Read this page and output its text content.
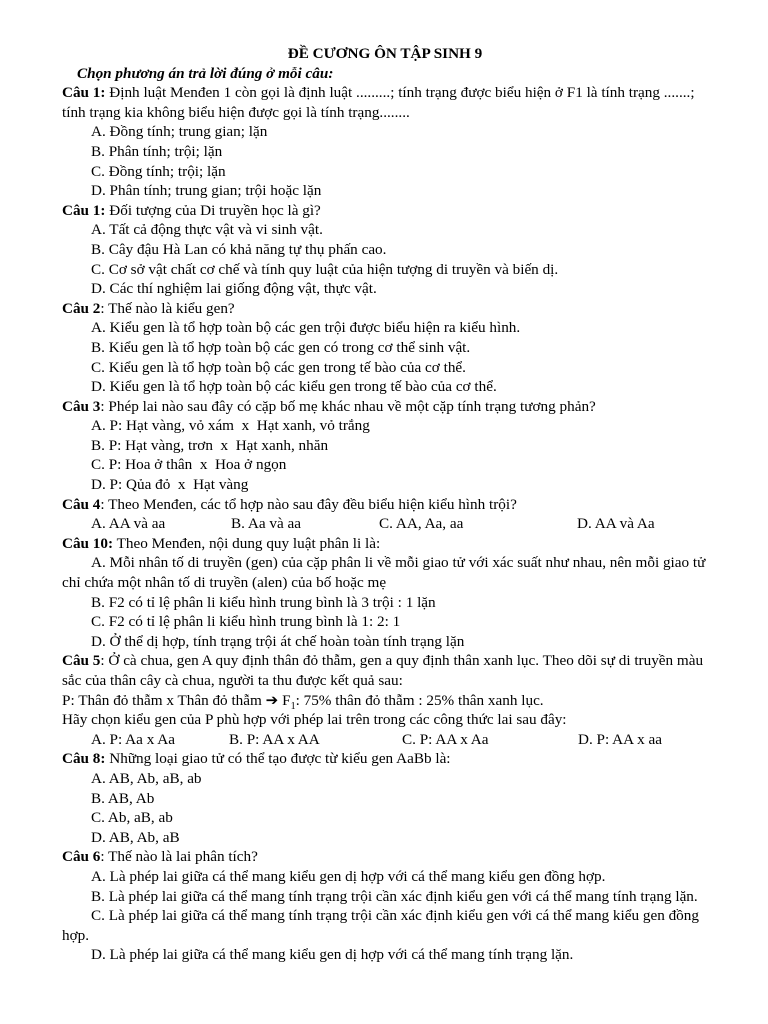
ĐỀ CƯƠNG ÔN TẬP SINH 9

Chọn phương án trả lời đúng ở mỗi câu:

Câu 1: Định luật Menđen 1 còn gọi là định luật .........; tính trạng được biểu hiện ở F1 là tính trạng .......; tính trạng kia không biểu hiện được gọi là tính trạng........

A. Đồng tính; trung gian; lặn

B. Phân tính; trội; lặn

C. Đồng tính; trội; lặn

D. Phân tính; trung gian; trội hoặc lặn

Câu 1: Đối tượng của Di truyền học là gì?

A. Tất cả động thực vật và vi sinh vật.

B. Cây đậu Hà Lan có khả năng tự thụ phấn cao.

C. Cơ sở vật chất cơ chế và tính quy luật của hiện tượng di truyền và biến dị.

D. Các thí nghiệm lai giống động vật, thực vật.

Câu 2: Thế nào là kiểu gen?

A. Kiểu gen là tổ hợp toàn bộ các gen trội được biểu hiện ra kiểu hình.

B. Kiểu gen là tổ hợp toàn bộ các gen có trong cơ thể sinh vật.

C. Kiểu gen là tổ hợp toàn bộ các gen trong tế bào của cơ thể.

D. Kiểu gen là tổ hợp toàn bộ các kiểu gen trong tế bào của cơ thể.

Câu 3: Phép lai nào sau đây có cặp bố mẹ khác nhau về một cặp tính trạng tương phản?

A. P: Hạt vàng, vỏ xám  x  Hạt xanh, vỏ trắng

B. P: Hạt vàng, trơn  x  Hạt xanh, nhăn

C. P: Hoa ở thân  x  Hoa ở ngọn

D. P: Qủa đỏ  x  Hạt vàng

Câu 4: Theo Menđen, các tổ hợp nào sau đây đều biểu hiện kiểu hình trội?

A. AA và aa	B. Aa và aa	C. AA, Aa, aa	D. AA và Aa

Câu 10: Theo Menđen, nội dung quy luật phân li là:

A. Mỗi nhân tố di truyền (gen) của cặp phân li về mỗi giao tử với xác suất như nhau, nên mỗi giao tử chỉ chứa một nhân tố di truyền (alen) của bố hoặc mẹ

B. F2 có tỉ lệ phân li kiểu hình trung bình là 3 trội : 1 lặn

C. F2 có tỉ lệ phân li kiểu hình trung bình là 1: 2: 1

D. Ở thể dị hợp, tính trạng trội át chế hoàn toàn tính trạng lặn

Câu 5: Ở cà chua, gen A quy định thân đỏ thẫm, gen a quy định thân xanh lục. Theo dõi sự di truyền màu sắc của thân cây cà chua, người ta thu được kết quả sau:

P: Thân đỏ thẫm x Thân đỏ thẫm ➔ $F_1$: 75% thân đỏ thẫm : 25% thân xanh lục.

Hãy chọn kiểu gen của P phù hợp với phép lai trên trong các công thức lai sau đây:

A. P: Aa x Aa	B. P: AA x AA	C. P: AA x Aa	D. P: AA x aa

Câu 8: Những loại giao tử có thể tạo được từ kiểu gen AaBb là:

A. AB, Ab, aB, ab

B. AB, Ab

C. Ab, aB, ab

D. AB, Ab, aB

Câu 6: Thế nào là lai phân tích?

A. Là phép lai giữa cá thể mang kiểu gen dị hợp với cá thể mang kiểu gen đồng hợp.

B. Là phép lai giữa cá thể mang tính trạng trội cần xác định kiểu gen với cá thể mang tính trạng lặn.

C. Là phép lai giữa cá thể mang tính trạng trội cần xác định kiểu gen với cá thể mang kiểu gen đồng hợp.

D. Là phép lai giữa cá thể mang kiểu gen dị hợp với cá thể mang tính trạng lặn.
